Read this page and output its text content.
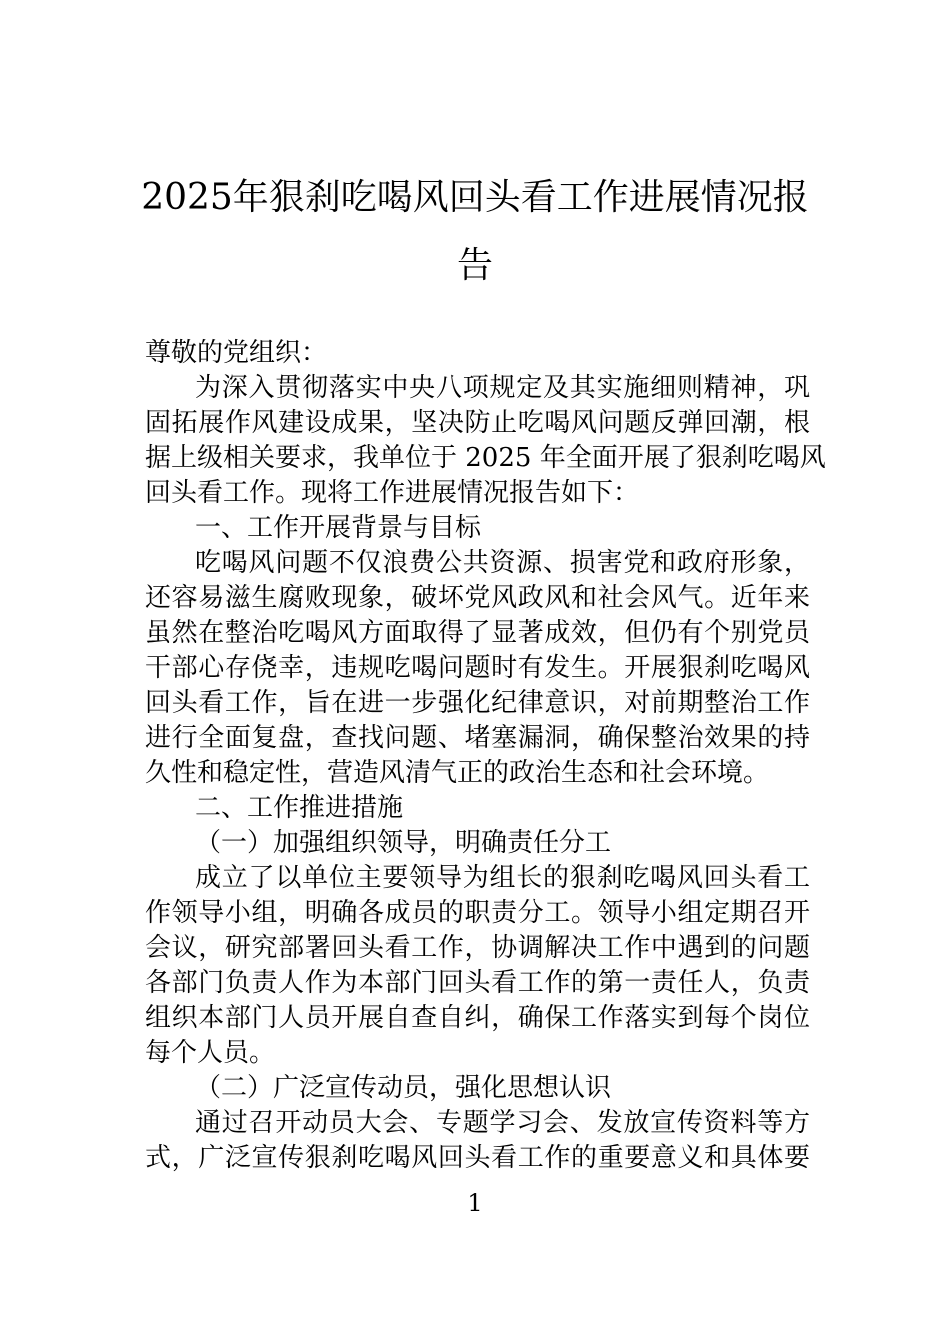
2025年狠刹吃喝风回头看工作进展情况报
告
尊敬的党组织：
为深入贯彻落实中央八项规定及其实施细则精神，巩
固拓展作风建设成果，坚决防止吃喝风问题反弹回潮，根
据上级相关要求，我单位于 2025 年全面开展了狠刹吃喝风
回头看工作。现将工作进展情况报告如下：
一、工作开展背景与目标
吃喝风问题不仅浪费公共资源、损害党和政府形象，
还容易滋生腐败现象，破坏党风政风和社会风气。近年来
虽然在整治吃喝风方面取得了显著成效，但仍有个别党员
干部心存侥幸，违规吃喝问题时有发生。开展狠刹吃喝风
回头看工作，旨在进一步强化纪律意识，对前期整治工作
进行全面复盘，查找问题、堵塞漏洞，确保整治效果的持
久性和稳定性，营造风清气正的政治生态和社会环境。
二、工作推进措施
（一）加强组织领导，明确责任分工
成立了以单位主要领导为组长的狠刹吃喝风回头看工
作领导小组，明确各成员的职责分工。领导小组定期召开
会议，研究部署回头看工作，协调解决工作中遇到的问题
各部门负责人作为本部门回头看工作的第一责任人，负责
组织本部门人员开展自查自纠，确保工作落实到每个岗位
每个人员。
（二）广泛宣传动员，强化思想认识
通过召开动员大会、专题学习会、发放宣传资料等方
式，广泛宣传狠刹吃喝风回头看工作的重要意义和具体要
1
